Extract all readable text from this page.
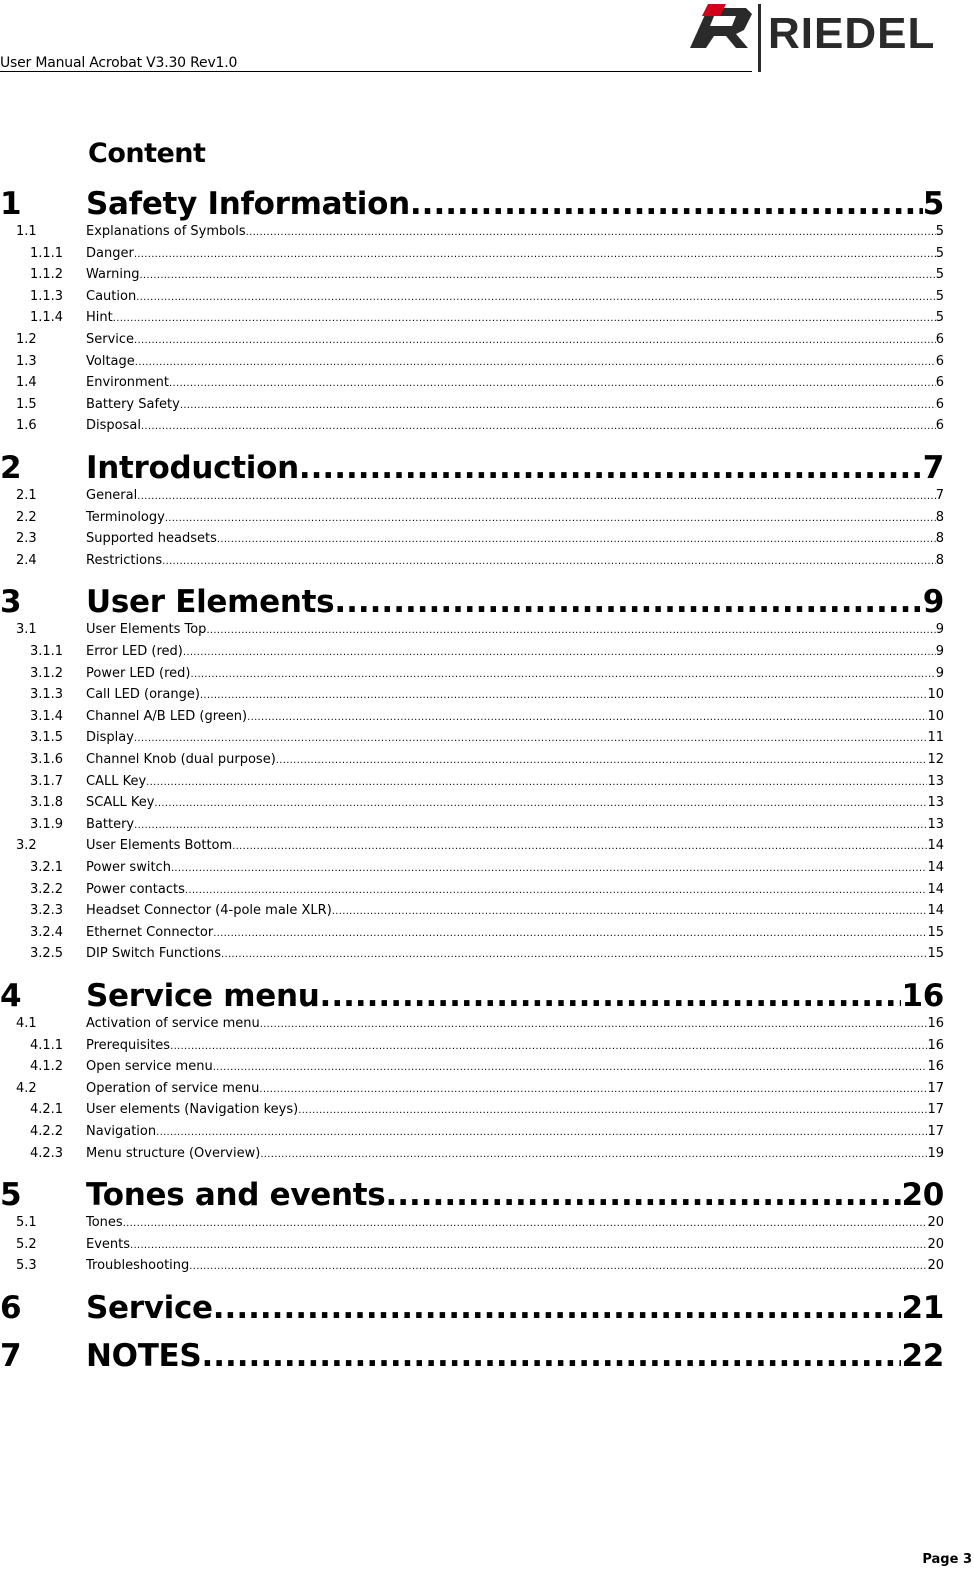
User Manual Acrobat V3.30 Rev1.0
RIEDEL
Content
1	Safety Information .....	5
1.1	Explanations of Symbols .....	5
1.1.1	Danger .....	5
1.1.2	Warning .....	5
1.1.3	Caution .....	5
1.1.4	Hint .....	5
1.2	Service .....	6
1.3	Voltage .....	6
1.4	Environment .....	6
1.5	Battery Safety .....	6
1.6	Disposal .....	6
2	Introduction .....	7
2.1	General .....	7
2.2	Terminology .....	8
2.3	Supported headsets .....	8
2.4	Restrictions .....	8
3	User Elements .....	9
3.1	User Elements Top .....	9
3.1.1	Error LED (red) .....	9
3.1.2	Power LED (red) .....	9
3.1.3	Call LED (orange) .....	10
3.1.4	Channel A/B LED (green) .....	10
3.1.5	Display .....	11
3.1.6	Channel Knob (dual purpose) .....	12
3.1.7	CALL Key .....	13
3.1.8	SCALL Key .....	13
3.1.9	Battery .....	13
3.2	User Elements Bottom .....	14
3.2.1	Power switch .....	14
3.2.2	Power contacts .....	14
3.2.3	Headset Connector (4-pole male XLR) .....	14
3.2.4	Ethernet Connector .....	15
3.2.5	DIP Switch Functions .....	15
4	Service menu .....	16
4.1	Activation of service menu .....	16
4.1.1	Prerequisites .....	16
4.1.2	Open service menu .....	16
4.2	Operation of service menu .....	17
4.2.1	User elements (Navigation keys) .....	17
4.2.2	Navigation .....	17
4.2.3	Menu structure (Overview) .....	19
5	Tones and events .....	20
5.1	Tones .....	20
5.2	Events .....	20
5.3	Troubleshooting .....	20
6	Service .....	21
7	NOTES .....	22
Page 3
